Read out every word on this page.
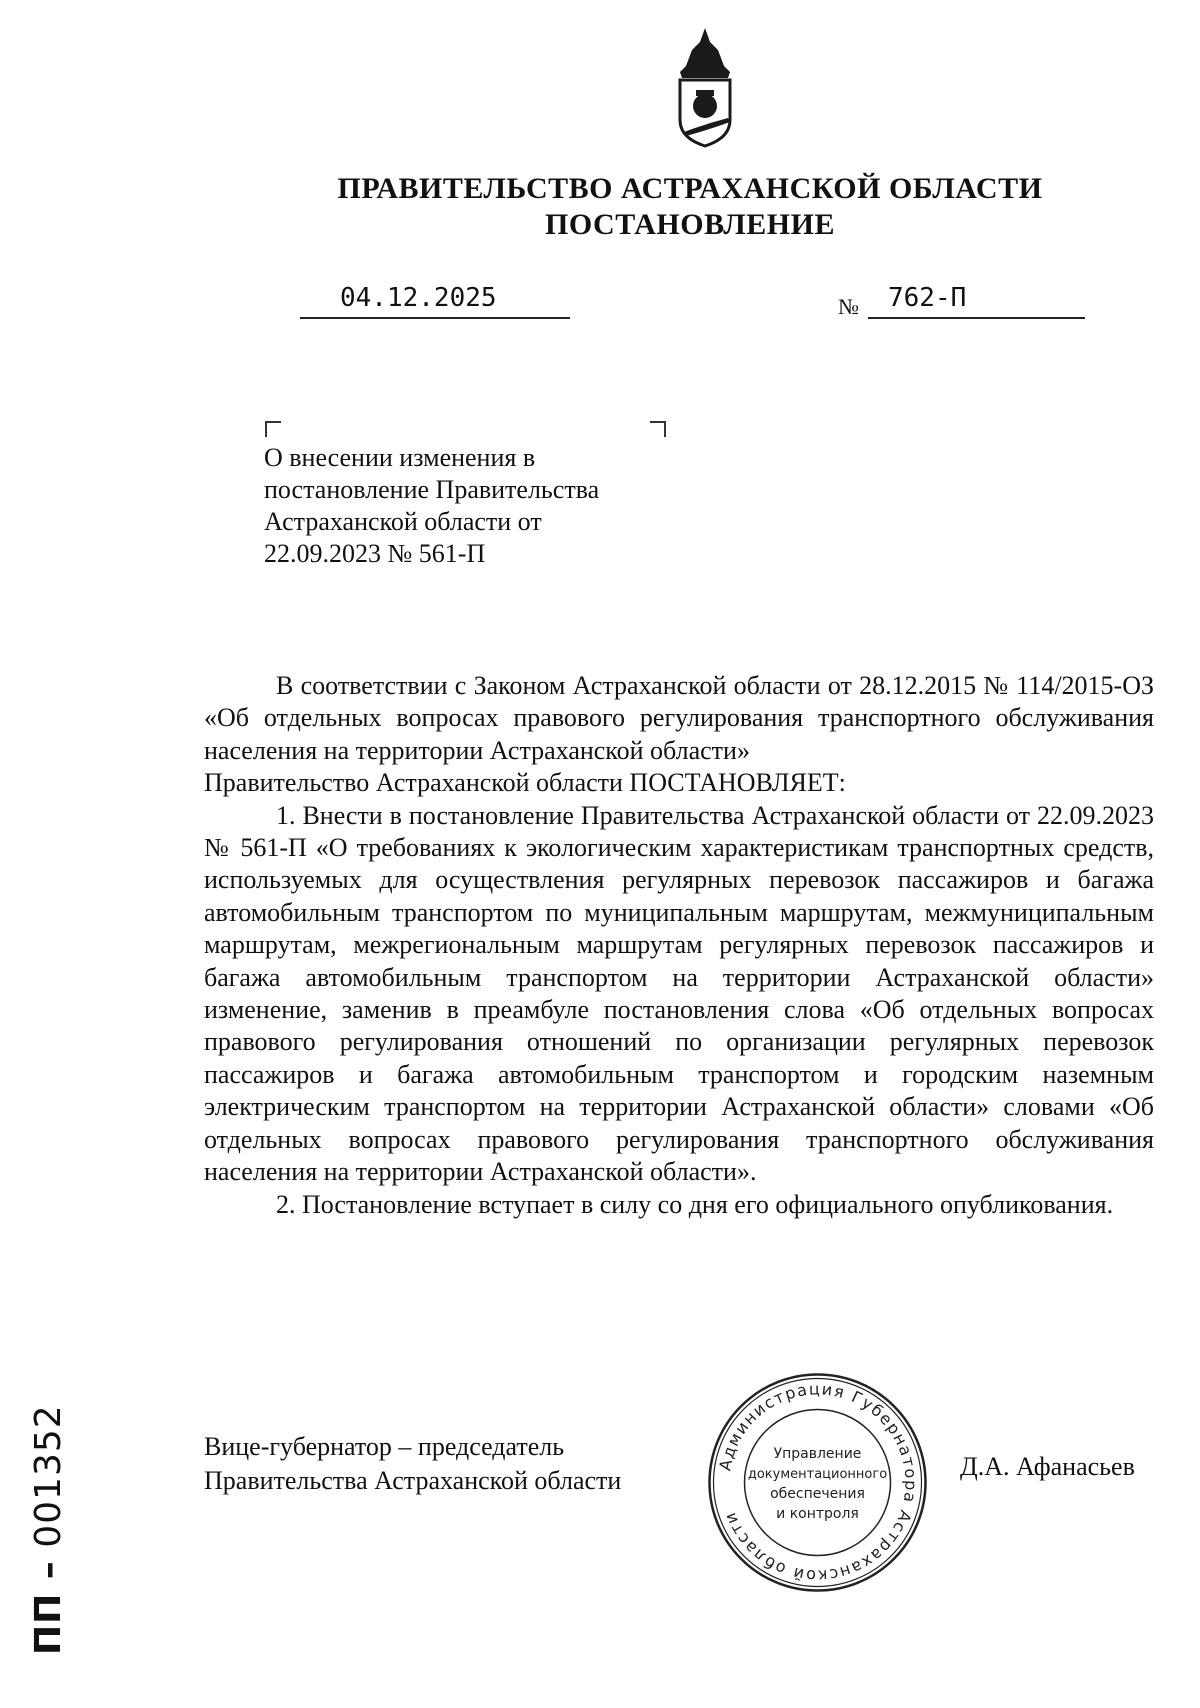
ПРАВИТЕЛЬСТВО АСТРАХАНСКОЙ ОБЛАСТИ
ПОСТАНОВЛЕНИЕ
04.12.2025	№	762-П
О внесении изменения в постановление Правительства Астраханской области от 22.09.2023 № 561-П

В соответствии с Законом Астраханской области от 28.12.2015 № 114/2015-ОЗ «Об отдельных вопросах правового регулирования транспортного обслуживания населения на территории Астраханской области»

Правительство Астраханской области ПОСТАНОВЛЯЕТ:

1. Внести в постановление Правительства Астраханской области от 22.09.2023 № 561-П «О требованиях к экологическим характеристикам транспортных средств, используемых для осуществления регулярных перевозок пассажиров и багажа автомобильным транспортом по муниципальным маршрутам, межмуниципальным маршрутам, межрегиональным маршрутам регулярных перевозок пассажиров и багажа автомобильным транспортом на территории Астраханской области» изменение, заменив в преамбуле постановления слова «Об отдельных вопросах правового регулирования отношений по организации регулярных перевозок пассажиров и багажа автомобильным транспортом и городским наземным электрическим транспортом на территории Астраханской области» словами «Об отдельных вопросах правового регулирования транспортного обслуживания населения на территории Астраханской области».

2. Постановление вступает в силу со дня его официального опубликования.

Вице-губернатор – председатель
Правительства Астраханской области	Д.А. Афанасьев
Администрация Губернатора Астраханской области
Управление
документационного
обеспечения
и контроля
ПП – 001352
